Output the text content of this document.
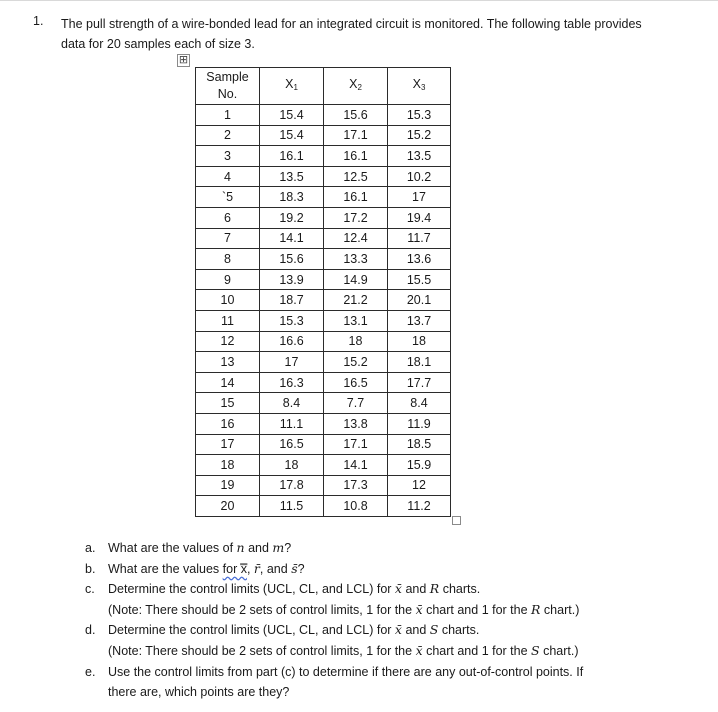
1. The pull strength of a wire-bonded lead for an integrated circuit is monitored. The following table provides data for 20 samples each of size 3.
⊞
Sample
No.	$X_1$	$X_2$	$X_3$
1	15.4	15.6	15.3
2	15.4	17.1	15.2
3	16.1	16.1	13.5
4	13.5	12.5	10.2
`5	18.3	16.1	17
6	19.2	17.2	19.4
7	14.1	12.4	11.7
8	15.6	13.3	13.6
9	13.9	14.9	15.5
10	18.7	21.2	20.1
11	15.3	13.1	13.7
12	16.6	18	18
13	17	15.2	18.1
14	16.3	16.5	17.7
15	8.4	7.7	8.4
16	11.1	13.8	11.9
17	16.5	17.1	18.5
18	18	14.1	15.9
19	17.8	17.3	12
20	11.5	10.8	11.2
a. What are the values of n and m?
b. What are the values for x̿, r̄, and s̄?
c. Determine the control limits (UCL, CL, and LCL) for x̄ and R charts.
(Note: There should be 2 sets of control limits, 1 for the x̄ chart and 1 for the R chart.)
d. Determine the control limits (UCL, CL, and LCL) for x̄ and S charts.
(Note: There should be 2 sets of control limits, 1 for the x̄ chart and 1 for the S chart.)
e. Use the control limits from part (c) to determine if there are any out-of-control points. If
there are, which points are they?
